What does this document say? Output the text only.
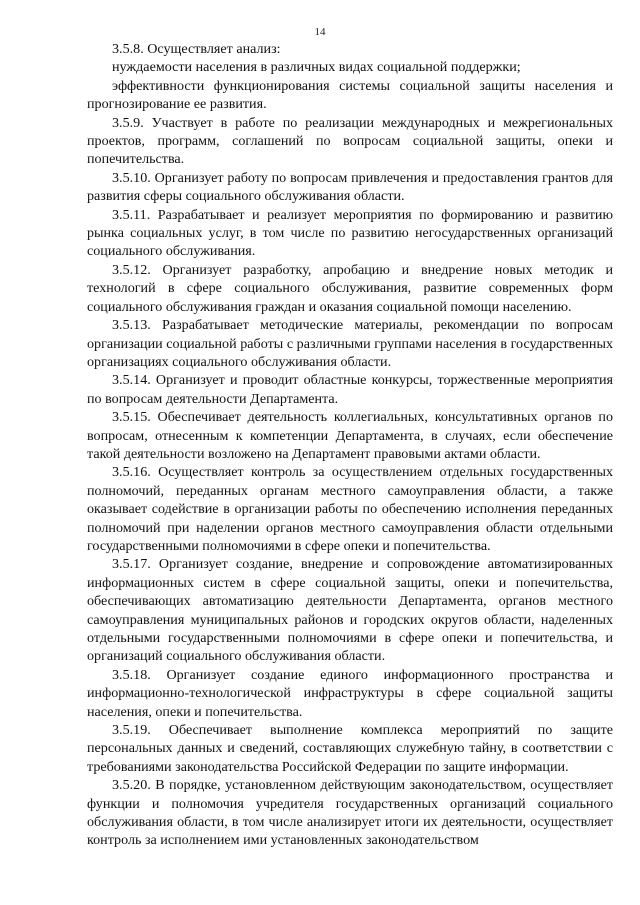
14

3.5.8. Осуществляет анализ:

нуждаемости населения в различных видах социальной поддержки;

эффективности функционирования системы социальной защиты населения и прогнозирование ее развития.

3.5.9. Участвует в работе по реализации международных и межрегиональных проектов, программ, соглашений по вопросам социальной защиты, опеки и попечительства.

3.5.10. Организует работу по вопросам привлечения и предоставления грантов для развития сферы социального обслуживания области.

3.5.11. Разрабатывает и реализует мероприятия по формированию и развитию рынка социальных услуг, в том числе по развитию негосударственных организаций социального обслуживания.

3.5.12. Организует разработку, апробацию и внедрение новых методик и технологий в сфере социального обслуживания, развитие современных форм социального обслуживания граждан и оказания социальной помощи населению.

3.5.13. Разрабатывает методические материалы, рекомендации по вопросам организации социальной работы с различными группами населения в государственных организациях социального обслуживания области.

3.5.14. Организует и проводит областные конкурсы, торжественные мероприятия по вопросам деятельности Департамента.

3.5.15. Обеспечивает деятельность коллегиальных, консультативных органов по вопросам, отнесенным к компетенции Департамента, в случаях, если обеспечение такой деятельности возложено на Департамент правовыми актами области.

3.5.16. Осуществляет контроль за осуществлением отдельных государственных полномочий, переданных органам местного самоуправления области, а также оказывает содействие в организации работы по обеспечению исполнения переданных полномочий при наделении органов местного самоуправления области отдельными государственными полномочиями в сфере опеки и попечительства.

3.5.17. Организует создание, внедрение и сопровождение автоматизированных информационных систем в сфере социальной защиты, опеки и попечительства, обеспечивающих автоматизацию деятельности Департамента, органов местного самоуправления муниципальных районов и городских округов области, наделенных отдельными государственными полномочиями в сфере опеки и попечительства, и организаций социального обслуживания области.

3.5.18. Организует создание единого информационного пространства и информационно-технологической инфраструктуры в сфере социальной защиты населения, опеки и попечительства.

3.5.19. Обеспечивает выполнение комплекса мероприятий по защите персональных данных и сведений, составляющих служебную тайну, в соответствии с требованиями законодательства Российской Федерации по защите информации.

3.5.20. В порядке, установленном действующим законодательством, осуществляет функции и полномочия учредителя государственных организаций социального обслуживания области, в том числе анализирует итоги их деятельности, осуществляет контроль за исполнением ими установленных законодательством
